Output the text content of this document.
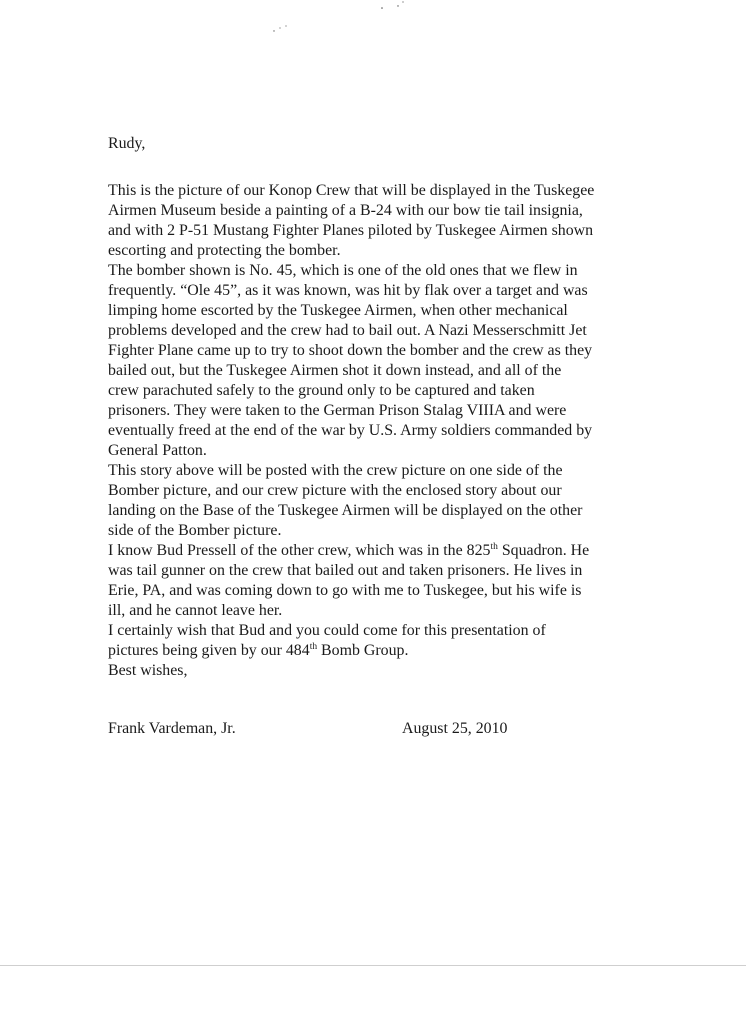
Rudy,

This is the picture of our Konop Crew that will be displayed in the Tuskegee
Airmen Museum beside a painting of a B-24 with our bow tie tail insignia,
and with 2 P-51 Mustang Fighter Planes piloted by Tuskegee Airmen shown
escorting and protecting the bomber.

The bomber shown is No. 45, which is one of the old ones that we flew in
frequently. “Ole 45”, as it was known, was hit by flak over a target and was
limping home escorted by the Tuskegee Airmen, when other mechanical
problems developed and the crew had to bail out. A Nazi Messerschmitt Jet
Fighter Plane came up to try to shoot down the bomber and the crew as they
bailed out, but the Tuskegee Airmen shot it down instead, and all of the
crew parachuted safely to the ground only to be captured and taken
prisoners. They were taken to the German Prison Stalag VIIIA and were
eventually freed at the end of the war by U.S. Army soldiers commanded by
General Patton.

This story above will be posted with the crew picture on one side of the
Bomber picture, and our crew picture with the enclosed story about our
landing on the Base of the Tuskegee Airmen will be displayed on the other
side of the Bomber picture.

I know Bud Pressell of the other crew, which was in the 825th Squadron. He
was tail gunner on the crew that bailed out and taken prisoners. He lives in
Erie, PA, and was coming down to go with me to Tuskegee, but his wife is
ill, and he cannot leave her.

I certainly wish that Bud and you could come for this presentation of
pictures being given by our 484th Bomb Group.

Best wishes,

Frank Vardeman, Jr.	August 25, 2010
